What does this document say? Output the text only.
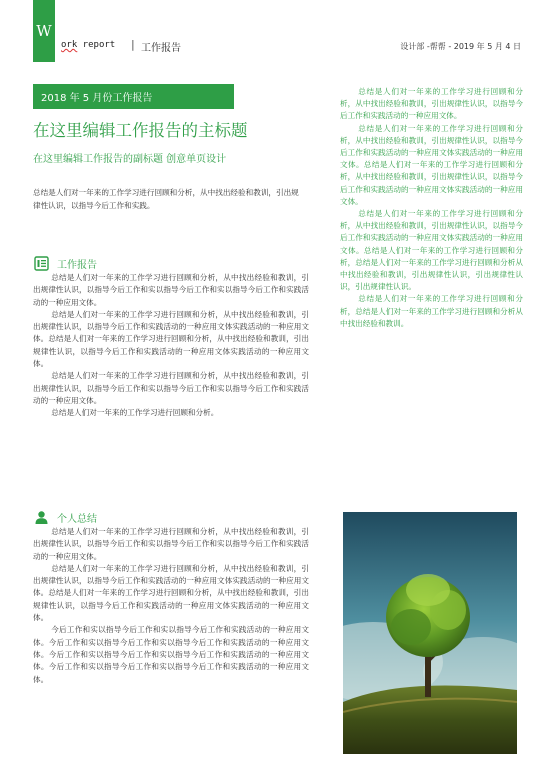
W
ork report | 工作报告	设计部 -帮帮 - 2019 年 5 月 4 日
2018 年 5 月份工作报告
在这里编辑工作报告的主标题
在这里编辑工作报告的副标题 创意单页设计
总结是人们对一年来的工作学习进行回顾和分析，从中找出经验和教训，引出规律性认识，以指导今后工作和实践。
工作报告

总结是人们对一年来的工作学习进行回顾和分析，从中找出经验和教训，引出规律性认识，以指导今后工作和实以指导今后工作和实以指导今后工作和实践活动的一种应用文体。

总结是人们对一年来的工作学习进行回顾和分析，从中找出经验和教训，引出规律性认识，以指导今后工作和实践活动的一种应用文体实践活动的一种应用文体。总结是人们对一年来的工作学习进行回顾和分析，从中找出经验和教训，引出规律性认识，以指导今后工作和实践活动的一种应用文体实践活动的一种应用文体。

总结是人们对一年来的工作学习进行回顾和分析，从中找出经验和教训，引出规律性认识，以指导今后工作和实以指导今后工作和实以指导今后工作和实践活动的一种应用文体。

总结是人们对一年来的工作学习进行回顾和分析。

总结是人们对一年来的工作学习进行回顾和分析，从中找出经验和教训，引出规律性认识，以指导今后工作和实践活动的一种应用文体。

总结是人们对一年来的工作学习进行回顾和分析，从中找出经验和教训，引出规律性认识，以指导今后工作和实践活动的一种应用文体实践活动的一种应用文体。总结是人们对一年来的工作学习进行回顾和分析，从中找出经验和教训，引出规律性认识，以指导今后工作和实践活动的一种应用文体实践活动的一种应用文体。

总结是人们对一年来的工作学习进行回顾和分析，从中找出经验和教训，引出规律性认识，以指导今后工作和实践活动的一种应用文体实践活动的一种应用文体。总结是人们对一年来的工作学习进行回顾和分析，总结是人们对一年来的工作学习进行回顾和分析从中找出经验和教训，引出规律性认识，引出规律性认识，引出规律性认识。

总结是人们对一年来的工作学习进行回顾和分析，总结是人们对一年来的工作学习进行回顾和分析从中找出经验和教训。

个人总结

总结是人们对一年来的工作学习进行回顾和分析，从中找出经验和教训，引出规律性认识，以指导今后工作和实以指导今后工作和实以指导今后工作和实践活动的一种应用文体。

总结是人们对一年来的工作学习进行回顾和分析，从中找出经验和教训，引出规律性认识，以指导今后工作和实践活动的一种应用文体实践活动的一种应用文体。总结是人们对一年来的工作学习进行回顾和分析，从中找出经验和教训，引出规律性认识，以指导今后工作和实践活动的一种应用文体实践活动的一种应用文体。

今后工作和实以指导今后工作和实以指导今后工作和实践活动的一种应用文体。今后工作和实以指导今后工作和实以指导今后工作和实践活动的一种应用文体。今后工作和实以指导今后工作和实以指导今后工作和实践活动的一种应用文体。今后工作和实以指导今后工作和实以指导今后工作和实践活动的一种应用文体。
